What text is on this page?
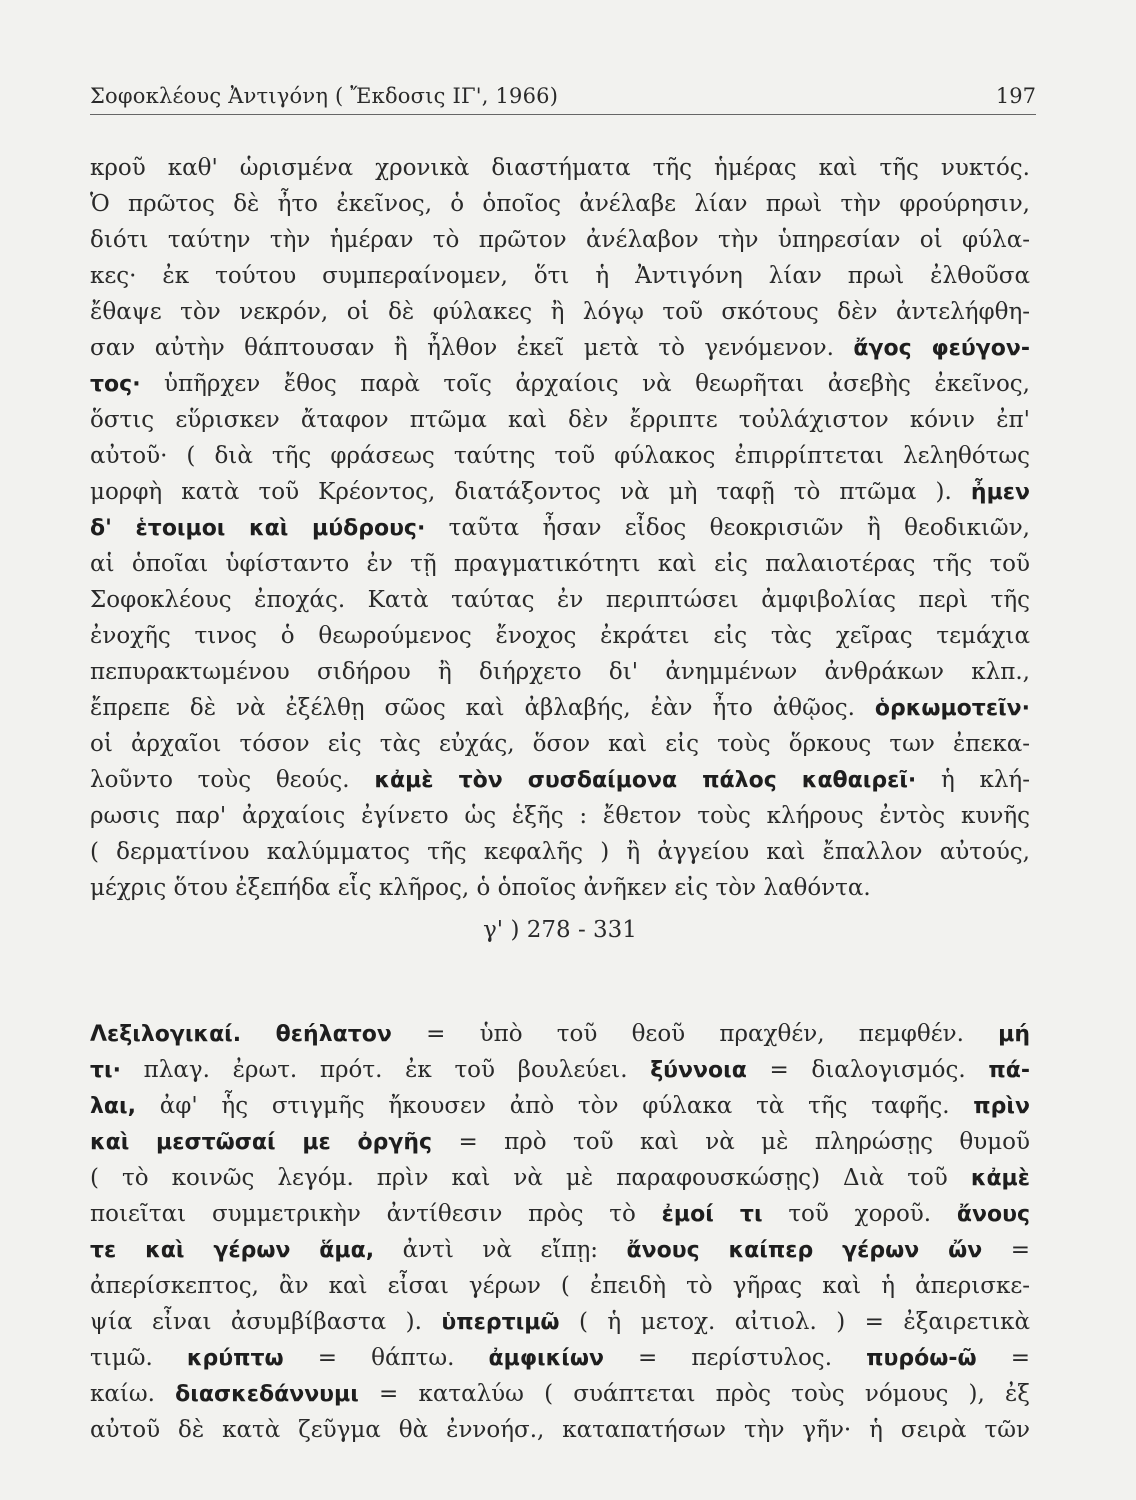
Σοφοκλέους Ἀντιγόνη ( Ἔκδοσις ΙΓ', 1966)	197
κροῦ καθ' ὡρισμένα χρονικὰ διαστήματα τῆς ἡμέρας καὶ τῆς νυκτός.
Ὁ πρῶτος δὲ ἦτο ἐκεῖνος, ὁ ὁποῖος ἀνέλαβε λίαν πρωὶ τὴν φρούρησιν,
διότι ταύτην τὴν ἡμέραν τὸ πρῶτον ἀνέλαβον τὴν ὑπηρεσίαν οἱ φύλα-
κες· ἐκ τούτου συμπεραίνομεν, ὅτι ἡ Ἀντιγόνη λίαν πρωὶ ἐλθοῦσα
ἔθαψε τὸν νεκρόν, οἱ δὲ φύλακες ἢ λόγῳ τοῦ σκότους δὲν ἀντελήφθη-
σαν αὐτὴν θάπτουσαν ἢ ἦλθον ἐκεῖ μετὰ τὸ γενόμενον. ἄγος φεύγον-
τος· ὑπῆρχεν ἔθος παρὰ τοῖς ἀρχαίοις νὰ θεωρῆται ἀσεβὴς ἐκεῖνος,
ὅστις εὕρισκεν ἄταφον πτῶμα καὶ δὲν ἔρριπτε τοὐλάχιστον κόνιν ἐπ'
αὐτοῦ· ( διὰ τῆς φράσεως ταύτης τοῦ φύλακος ἐπιρρίπτεται λεληθότως
μορφὴ κατὰ τοῦ Κρέοντος, διατάξοντος νὰ μὴ ταφῇ τὸ πτῶμα ). ἦμεν
δ' ἑτοιμοι καὶ μύδρους· ταῦτα ἦσαν εἶδος θεοκρισιῶν ἢ θεοδικιῶν,
αἱ ὁποῖαι ὑφίσταντο ἐν τῇ πραγματικότητι καὶ εἰς παλαιοτέρας τῆς τοῦ
Σοφοκλέους ἐποχάς. Κατὰ ταύτας ἐν περιπτώσει ἀμφιβολίας περὶ τῆς
ἐνοχῆς τινος ὁ θεωρούμενος ἔνοχος ἐκράτει εἰς τὰς χεῖρας τεμάχια
πεπυρακτωμένου σιδήρου ἢ διήρχετο δι' ἀνημμένων ἀνθράκων κλπ.,
ἔπρεπε δὲ νὰ ἐξέλθῃ σῶος καὶ ἀβλαβής, ἐὰν ἦτο ἀθῷος. ὁρκωμοτεῖν·
οἱ ἀρχαῖοι τόσον εἰς τὰς εὐχάς, ὅσον καὶ εἰς τοὺς ὅρκους των ἐπεκα-
λοῦντο τοὺς θεούς. κἀμὲ τὸν συσδαίμονα πάλος καθαιρεῖ· ἡ κλή-
ρωσις παρ' ἀρχαίοις ἐγίνετο ὡς ἑξῆς : ἔθετον τοὺς κλήρους ἐντὸς κυνῆς
( δερματίνου καλύμματος τῆς κεφαλῆς ) ἢ ἀγγείου καὶ ἔπαλλον αὐτούς,
μέχρις ὅτου ἐξεπήδα εἷς κλῆρος, ὁ ὁποῖος ἀνῆκεν εἰς τὸν λαθόντα.
γ' ) 278 - 331
Λεξιλογικαί. θεήλατον = ὑπὸ τοῦ θεοῦ πραχθέν, πεμφθέν. μή
τι· πλαγ. ἐρωτ. πρότ. ἐκ τοῦ βουλεύει. ξύννοια = διαλογισμός. πά-
λαι, ἀφ' ἧς στιγμῆς ἤκουσεν ἀπὸ τὸν φύλακα τὰ τῆς ταφῆς. πρὶν
καὶ μεστῶσαί με ὀργῆς = πρὸ τοῦ καὶ νὰ μὲ πληρώσῃς θυμοῦ
( τὸ κοινῶς λεγόμ. πρὶν καὶ νὰ μὲ παραφουσκώσῃς) Διὰ τοῦ κἀμὲ
ποιεῖται συμμετρικὴν ἀντίθεσιν πρὸς τὸ ἐμοί τι τοῦ χοροῦ. ἄνους
τε καὶ γέρων ἅμα, ἀντὶ νὰ εἴπῃ: ἄνους καίπερ γέρων ὤν =
ἀπερίσκεπτος, ἂν καὶ εἶσαι γέρων ( ἐπειδὴ τὸ γῆρας καὶ ἡ ἀπερισκε-
ψία εἶναι ἀσυμβίβαστα ). ὑπερτιμῶ ( ἡ μετοχ. αἰτιολ. ) = ἐξαιρετικὰ
τιμῶ. κρύπτω = θάπτω. ἀμφικίων = περίστυλος. πυρόω-ῶ =
καίω. διασκεδάννυμι = καταλύω ( συάπτεται πρὸς τοὺς νόμους ), ἐξ
αὐτοῦ δὲ κατὰ ζεῦγμα θὰ ἐννοήσ., καταπατήσων τὴν γῆν· ἡ σειρὰ τῶν
